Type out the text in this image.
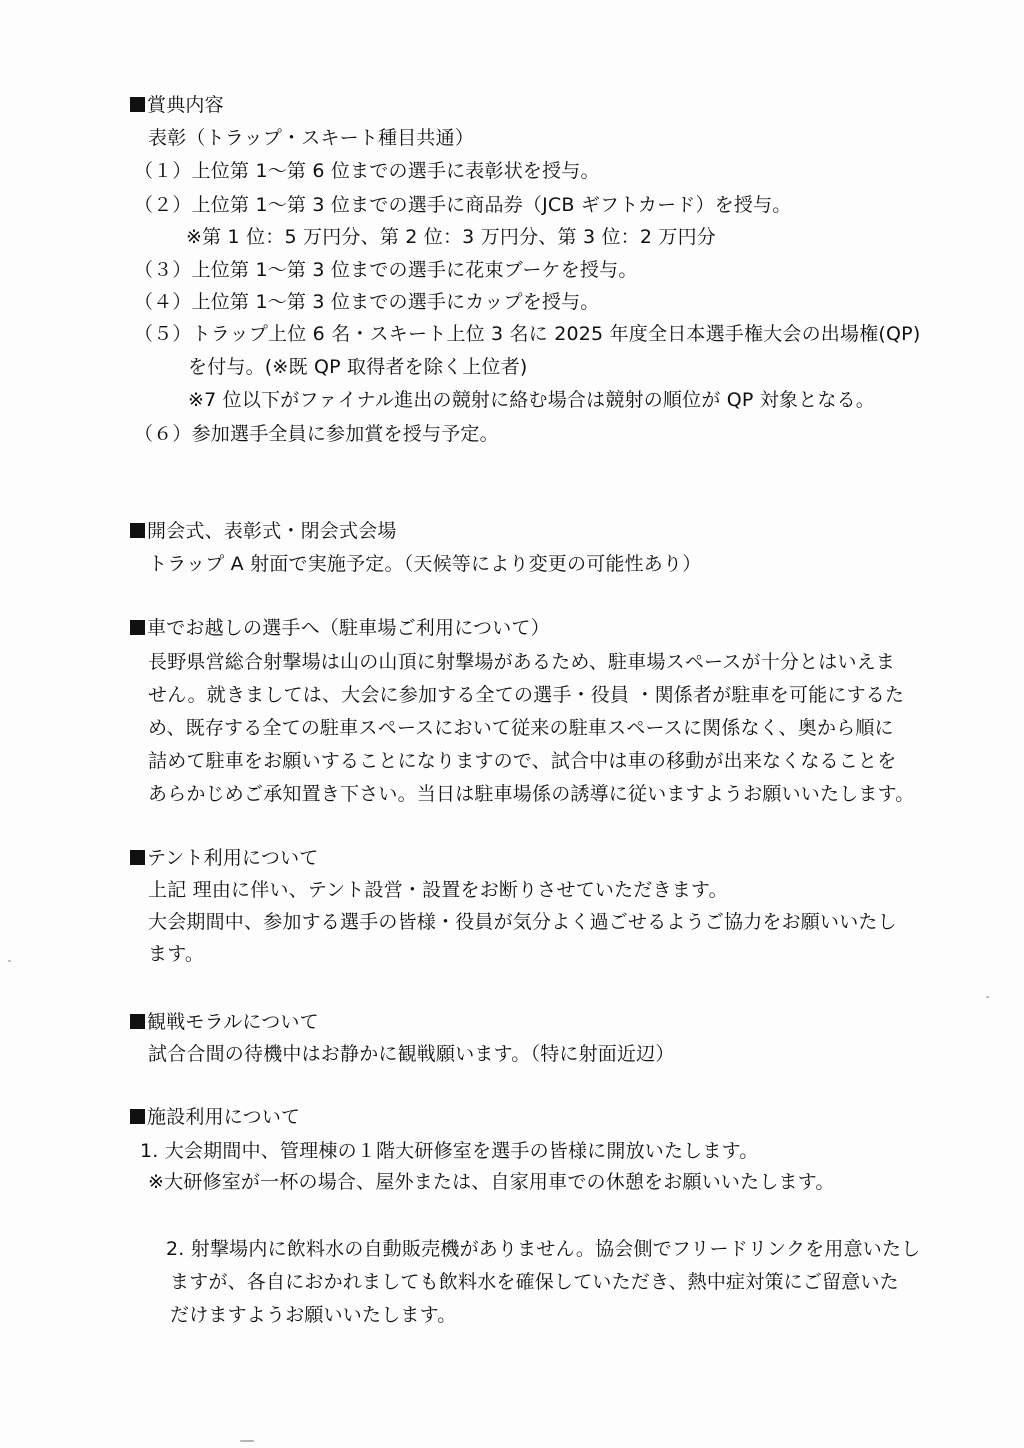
賞典内容
表彰（トラップ・スキート種目共通）
（１）上位第 1～第 6 位までの選手に表彰状を授与。
（２）上位第 1～第 3 位までの選手に商品券（JCB ギフトカード）を授与。
※第 1 位：5 万円分、第 2 位：3 万円分、第 3 位：2 万円分
（３）上位第 1～第 3 位までの選手に花束ブーケを授与。
（４）上位第 1～第 3 位までの選手にカップを授与。
（５）トラップ上位 6 名・スキート上位 3 名に 2025 年度全日本選手権大会の出場権(QP)
を付与。(※既 QP 取得者を除く上位者)
※7 位以下がファイナル進出の競射に絡む場合は競射の順位が QP 対象となる。
（６）参加選手全員に参加賞を授与予定。
開会式、表彰式・閉会式会場
トラップ A 射面で実施予定。（天候等により変更の可能性あり）
車でお越しの選手へ（駐車場ご利用について）
長野県営総合射撃場は山の山頂に射撃場があるため、駐車場スペースが十分とはいえま
せん。就きましては、大会に参加する全ての選手・役員 ・関係者が駐車を可能にするた
め、既存する全ての駐車スペースにおいて従来の駐車スペースに関係なく、奥から順に
詰めて駐車をお願いすることになりますので、試合中は車の移動が出来なくなることを
あらかじめご承知置き下さい。当日は駐車場係の誘導に従いますようお願いいたします。
テント利用について
上記 理由に伴い、テント設営・設置をお断りさせていただきます。
大会期間中、参加する選手の皆様・役員が気分よく過ごせるようご協力をお願いいたし
ます。
観戦モラルについて
試合合間の待機中はお静かに観戦願います。（特に射面近辺）
施設利用について
1. 大会期間中、管理棟の１階大研修室を選手の皆様に開放いたします。
※大研修室が一杯の場合、屋外または、自家用車での休憩をお願いいたします。
2. 射撃場内に飲料水の自動販売機がありません。協会側でフリードリンクを用意いたし
ますが、各自におかれましても飲料水を確保していただき、熱中症対策にご留意いた
だけますようお願いいたします。
